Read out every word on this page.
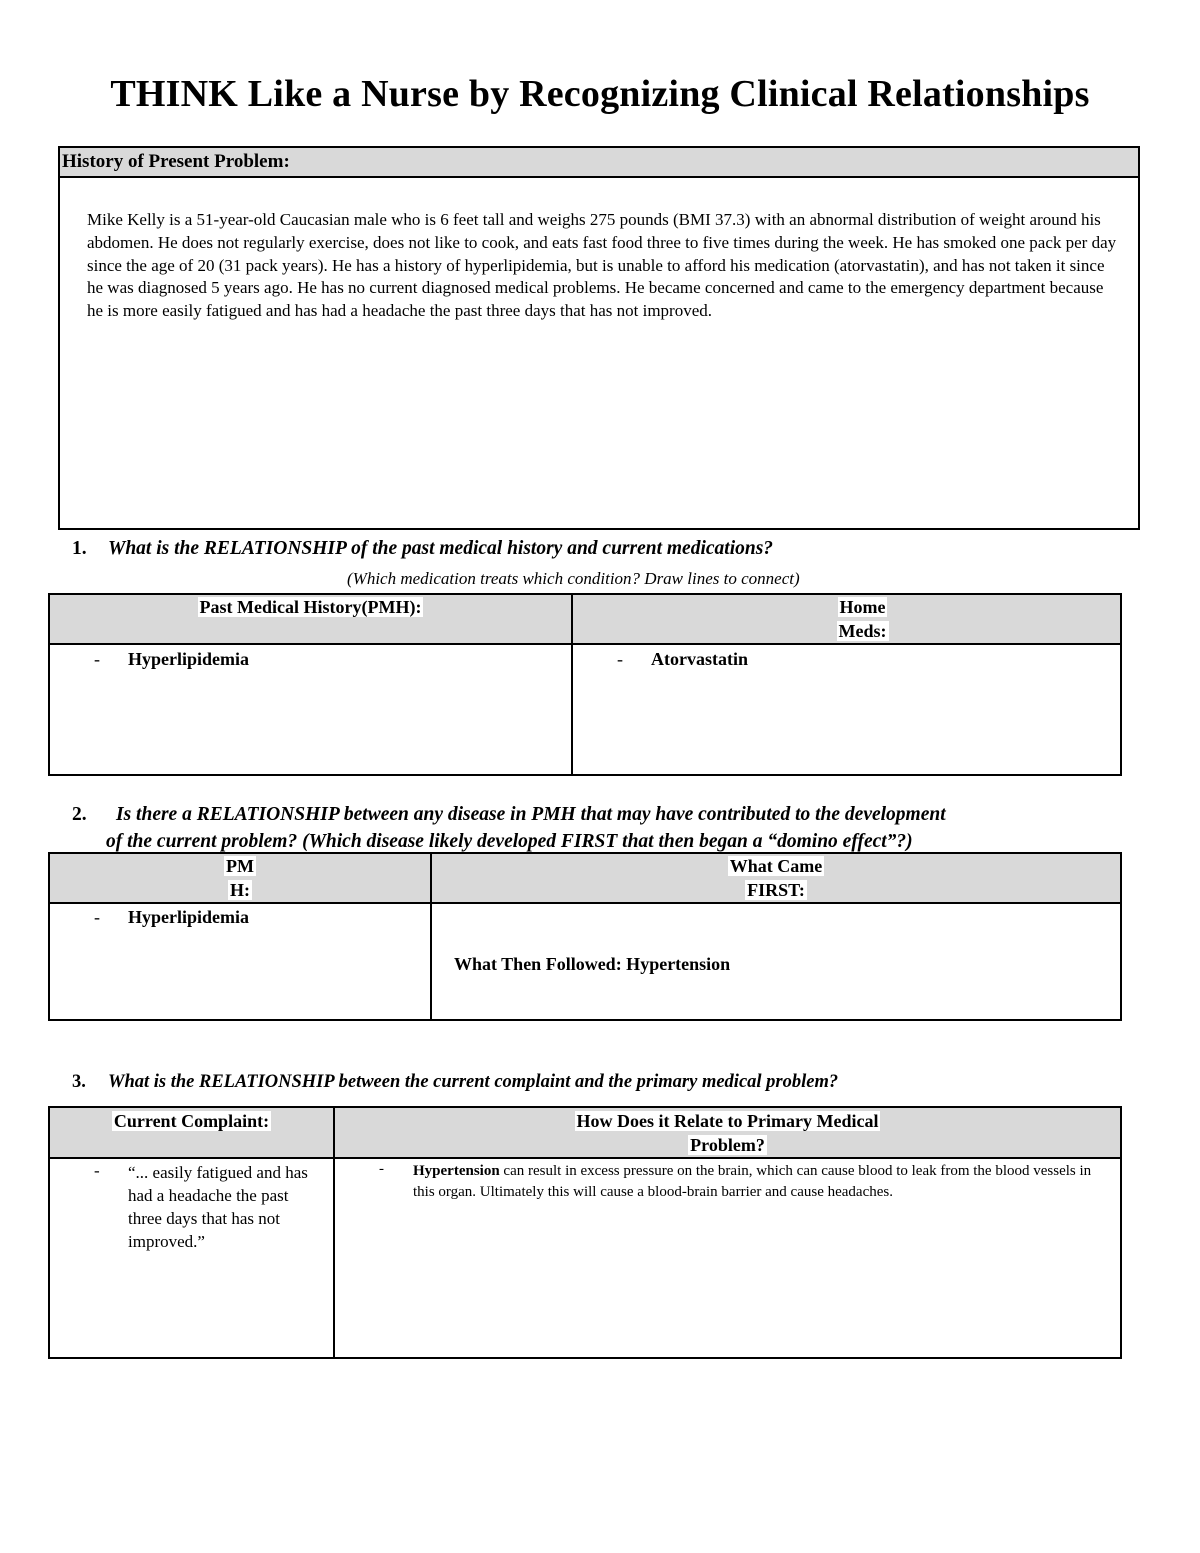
THINK Like a Nurse by Recognizing Clinical Relationships
History of Present Problem:
Mike Kelly is a 51-year-old Caucasian male who is 6 feet tall and weighs 275 pounds (BMI 37.3) with an abnormal distribution of weight around his abdomen. He does not regularly exercise, does not like to cook, and eats fast food three to five times during the week. He has smoked one pack per day since the age of 20 (31 pack years). He has a history of hyperlipidemia, but is unable to afford his medication (atorvastatin), and has not taken it since he was diagnosed 5 years ago. He has no current diagnosed medical problems. He became concerned and came to the emergency department because he is more easily fatigued and has had a headache the past three days that has not improved.
1. What is the RELATIONSHIP of the past medical history and current medications?
(Which medication treats which condition? Draw lines to connect)
Past Medical History(PMH):	Home
Meds:

- Hyperlipidemia	- Atorvastatin
2. Is there a RELATIONSHIP between any disease in PMH that may have contributed to the development
of the current problem? (Which disease likely developed FIRST that then began a “domino effect”?)
PM
H:	What Came
FIRST:

- Hyperlipidemia	What Then Followed: Hypertension
3. What is the RELATIONSHIP between the current complaint and the primary medical problem?
Current Complaint:	How Does it Relate to Primary Medical
Problem?

- “... easily fatigued and has had a headache the past three days that has not improved.”	- Hypertension can result in excess pressure on the brain, which can cause blood to leak from the blood vessels in this organ. Ultimately this will cause a blood-brain barrier and cause headaches.
